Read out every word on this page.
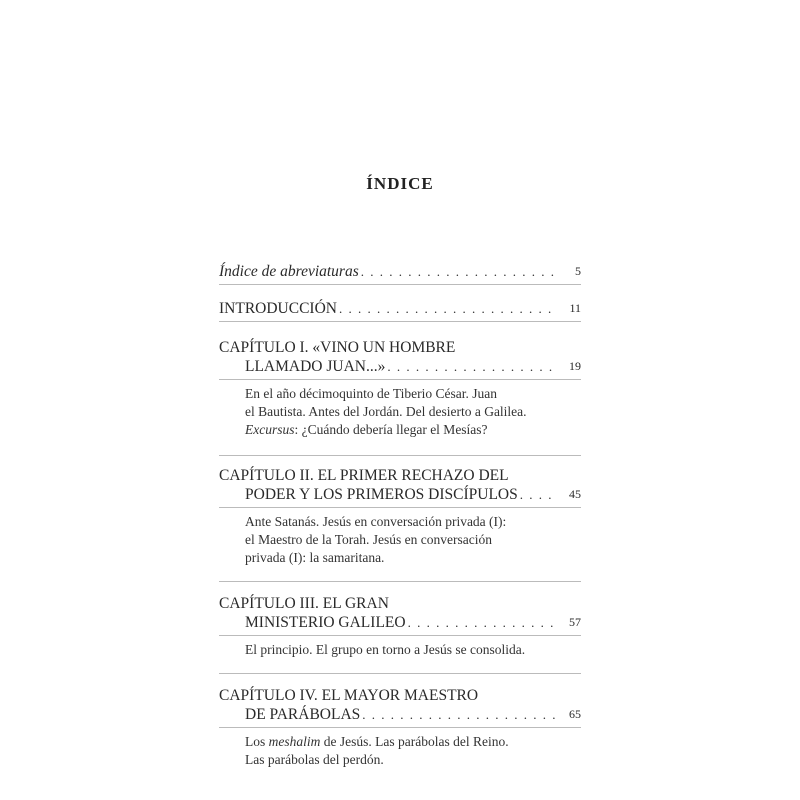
ÍNDICE
Índice de abreviaturas . . .	5
INTRODUCCIÓN . . .	11
CAPÍTULO I. «VINO UN HOMBRE
LLAMADO JUAN...» . . .	19
En el año décimoquinto de Tiberio César. Juan
el Bautista. Antes del Jordán. Del desierto a Galilea.
Excursus: ¿Cuándo debería llegar el Mesías?
CAPÍTULO II. EL PRIMER RECHAZO DEL
PODER Y LOS PRIMEROS DISCÍPULOS . . .	45
Ante Satanás. Jesús en conversación privada (I):
el Maestro de la Torah. Jesús en conversación
privada (I): la samaritana.
CAPÍTULO III. EL GRAN
MINISTERIO GALILEO . . .	57
El principio. El grupo en torno a Jesús se consolida.
CAPÍTULO IV. EL MAYOR MAESTRO
DE PARÁBOLAS . . .	65
Los meshalim de Jesús. Las parábolas del Reino.
Las parábolas del perdón.
